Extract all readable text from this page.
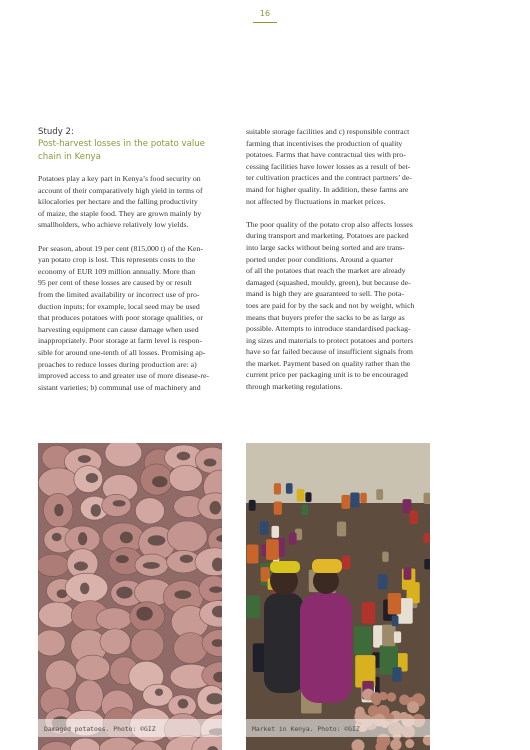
16
Study 2:
Post-harvest losses in the potato value
chain in Kenya
Potatoes play a key part in Kenya’s food security on
account of their comparatively high yield in terms of
kilocalories per hectare and the falling productivity
of maize, the staple food. They are grown mainly by
smallholders, who achieve relatively low yields.
Per season, about 19 per cent (815,000 t) of the Ken-
yan potato crop is lost. This represents costs to the
economy of EUR 109 million annually. More than
95 per cent of these losses are caused by or result
from the limited availability or incorrect use of pro-
duction inputs; for example, local seed may be used
that produces potatoes with poor storage qualities, or
harvesting equipment can cause damage when used
inappropriately. Poor storage at farm level is respon-
sible for around one-tenth of all losses. Promising ap-
proaches to reduce losses during production are: a)
improved access to and greater use of more disease-re-
sistant varieties; b) communal use of machinery and
suitable storage facilities and c) responsible contract
farming that incentivises the production of quality
potatoes. Farms that have contractual ties with pro-
cessing facilities have lower losses as a result of bet-
ter cultivation practices and the contract partners’ de-
mand for higher quality. In addition, these farms are
not affected by fluctuations in market prices.
The poor quality of the potato crop also affects losses
during transport and marketing. Potatoes are packed
into large sacks without being sorted and are trans-
ported under poor conditions. Around a quarter
of all the potatoes that reach the market are already
damaged (squashed, mouldy, green), but because de-
mand is high they are guaranteed to sell. The pota-
toes are paid for by the sack and not by weight, which
means that buyers prefer the sacks to be as large as
possible. Attempts to introduce standardised packag-
ing sizes and materials to protect potatoes and porters
have so far failed because of insufficient signals from
the market. Payment based on quality rather than the
current price per packaging unit is to be encouraged
through marketing regulations.
Damaged potatoes. Photo: ©GIZ	Market in Kenya. Photo: ©GIZ
